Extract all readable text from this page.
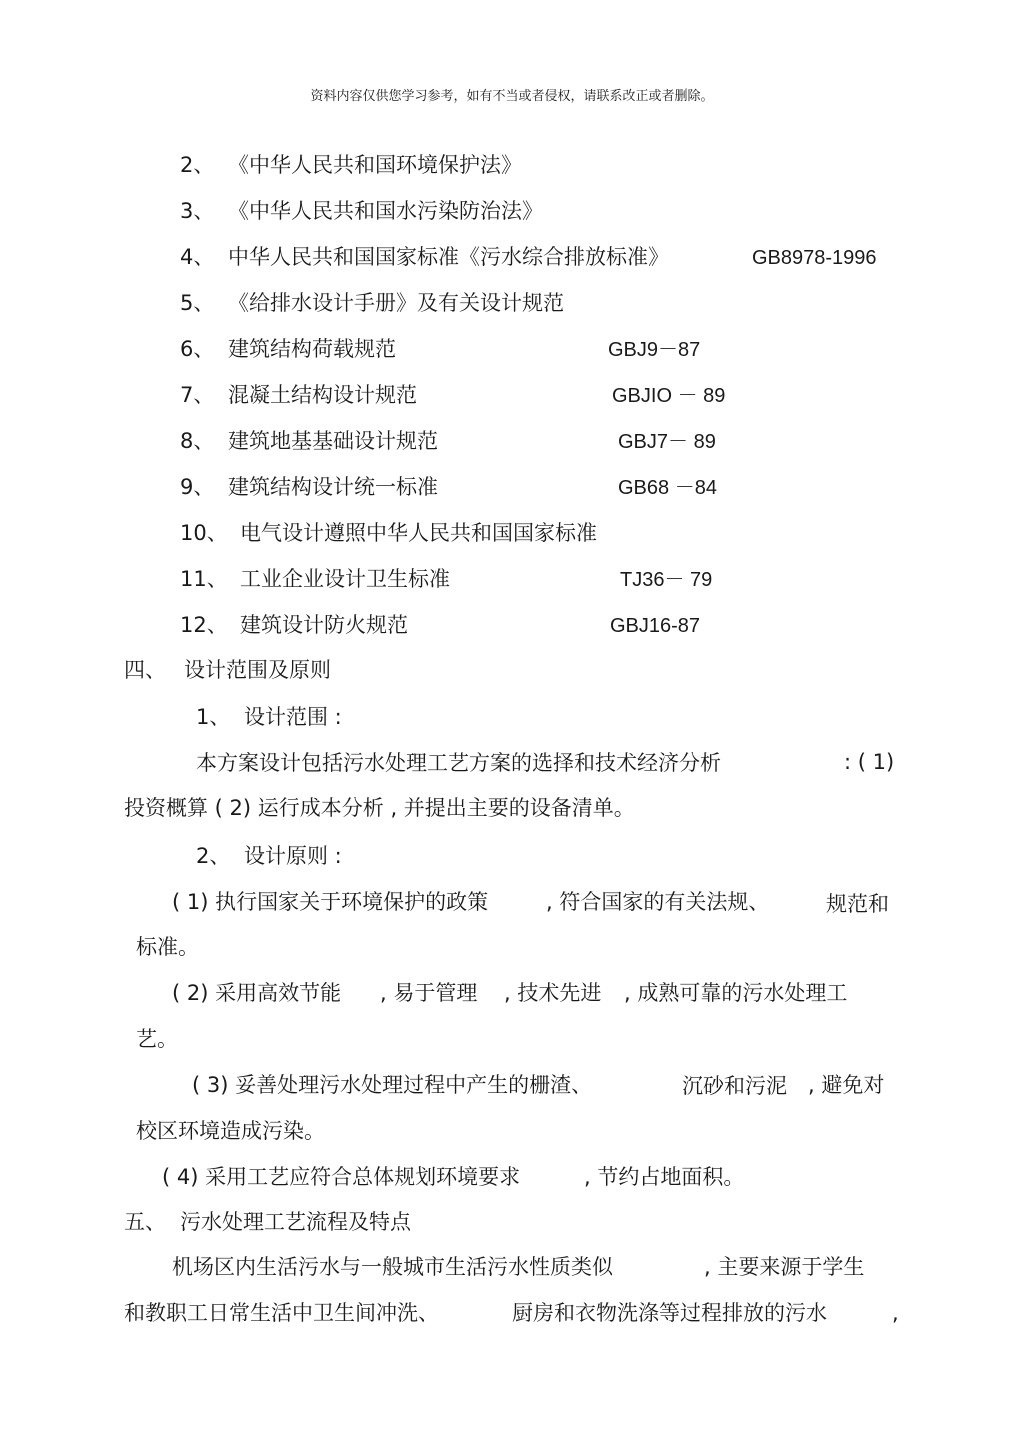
资料内容仅供您学习参考，如有不当或者侵权，请联系改正或者删除。
2、 《中华人民共和国环境保护法》
3、 《中华人民共和国水污染防治法》
4、 中华人民共和国国家标准《污水综合排放标准》	GB8978-1996
5、 《给排水设计手册》及有关设计规范
6、 建筑结构荷载规范	GBJ9－87
7、 混凝土结构设计规范	GBJIO － 89
8、 建筑地基基础设计规范	GBJ7－ 89
9、 建筑结构设计统一标准	GB68 －84
10、 电气设计遵照中华人民共和国国家标准
11、 工业企业设计卫生标准	TJ36－ 79
12、 建筑设计防火规范	GBJ16-87
四、 设计范围及原则
1、 设计范围 :
本方案设计包括污水处理工艺方案的选择和技术经济分析	: ( 1)
投资概算 ( 2) 运行成本分析 , 并提出主要的设备清单。
2、 设计原则 :
( 1) 执行国家关于环境保护的政策	, 符合国家的有关法规、	规范和
标准。
( 2) 采用高效节能 , 易于管理 , 技术先进 , 成熟可靠的污水处理工
艺。
( 3) 妥善处理污水处理过程中产生的栅渣、	沉砂和污泥 , 避免对
校区环境造成污染。
( 4) 采用工艺应符合总体规划环境要求	, 节约占地面积。
五、 污水处理工艺流程及特点
机场区内生活污水与一般城市生活污水性质类似	, 主要来源于学生
和教职工日常生活中卫生间冲洗、	厨房和衣物洗涤等过程排放的污水	,
